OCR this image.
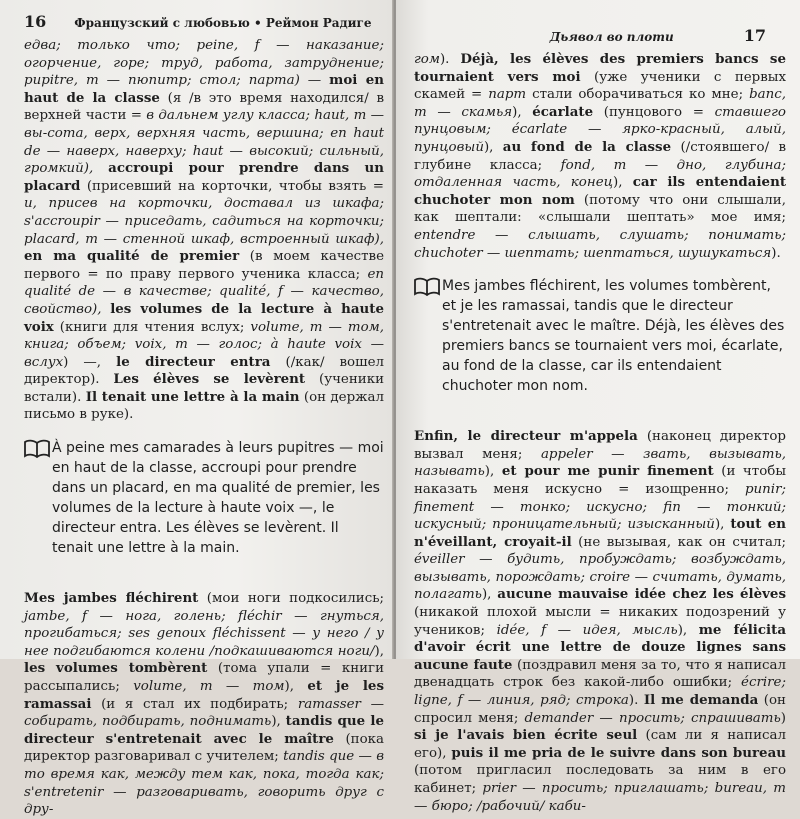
16 Французский с любовью • Реймон Радиге

едва; только что; peine, f — наказание; огорчение, горе; труд, работа, затруднение; pupitre, m — пюпитр; стол; парта) — moi en haut de la classe (я /в это время находился/ в верхней части = в дальнем углу класса; haut, m — вы-сота, верх, верхняя часть, вершина; en haut de — наверх, наверху; haut — высокий; сильный, громкий), accroupi pour prendre dans un placard (присевший на корточки, чтобы взять = и, присев на корточки, доставал из шкафа; s'accroupir — приседать, садиться на корточки; placard, m — стенной шкаф, встроенный шкаф), en ma qualité de premier (в моем качестве первого = по праву первого ученика класса; en qualité de — в качестве; qualité, f — качество, свойство), les volumes de la lecture à haute voix (книги для чтения вслух; volume, m — том, книга; объем; voix, m — голос; à haute voix — вслух) —, le directeur entra (/как/ вошел директор). Les élèves se levèrent (ученики встали). Il tenait une lettre à la main (он держал письмо в руке).

À peine mes camarades à leurs pupitres — moi en haut de la classe, accroupi pour prendre dans un placard, en ma qualité de premier, les volumes de la lecture à haute voix —, le directeur entra. Les élèves se levèrent. Il tenait une lettre à la main.

Mes jambes fléchirent (мои ноги подкосились; jambe, f — нога, голень; fléchir — гнуться, прогибаться; ses genoux fléchissent — у него / у нее подгибаются колени /подкашиваются ноги/), les volumes tombèrent (тома упали = книги рассыпались; volume, m — том), et je les ramassai (и я стал их подбирать; ramasser — собирать, подбирать, поднимать), tandis que le directeur s'entretenait avec le maître (пока директор разговаривал с учителем; tandis que — в то время как, между тем как, пока, тогда как; s'entretenir — разговаривать, говорить друг с дру-

Дьявол во плоти	17

гом). Déjà, les élèves des premiers bancs se tournaient vers moi (уже ученики с первых скамей = парт стали оборачиваться ко мне; banc, m — скамья), écarlate (пунцового = ставшего пунцовым; écarlate — ярко-красный, алый, пунцовый), au fond de la classe (/стоявшего/ в глубине класса; fond, m — дно, глубина; отдаленная часть, конец), car ils entendaient chuchoter mon nom (потому что они слышали, как шептали: «слышали шептать» мое имя; entendre — слышать, слушать; понимать; chuchoter — шептать; шептаться, шушукаться).

Mes jambes fléchirent, les volumes tombèrent, et je les ramassai, tandis que le directeur s'entretenait avec le maître. Déjà, les élèves des premiers bancs se tournaient vers moi, écarlate, au fond de la classe, car ils entendaient chuchoter mon nom.

Enfin, le directeur m'appela (наконец директор вызвал меня; appeler — звать, вызывать, называть), et pour me punir finement (и чтобы наказать меня искусно = изощренно; punir; finement — тонко; искусно; fin — тонкий; искусный; проницательный; изысканный), tout en n'éveillant, croyait-il (не вызывая, как он считал; éveiller — будить, пробуждать; возбуждать, вызывать, порождать; croire — считать, думать, полагать), aucune mauvaise idée chez les élèves (никакой плохой мысли = никаких подозрений у учеников; idée, f — идея, мысль), me félicita d'avoir écrit une lettre de douze lignes sans aucune faute (поздравил меня за то, что я написал двенадцать строк без какой-либо ошибки; écrire; ligne, f — линия, ряд; строка). Il me demanda (он спросил меня; demander — просить; спрашивать) si je l'avais bien écrite seul (сам ли я написал его), puis il me pria de le suivre dans son bureau (потом пригласил последовать за ним в его кабинет; prier — просить; приглашать; bureau, m — бюро; /рабочий/ каби-
